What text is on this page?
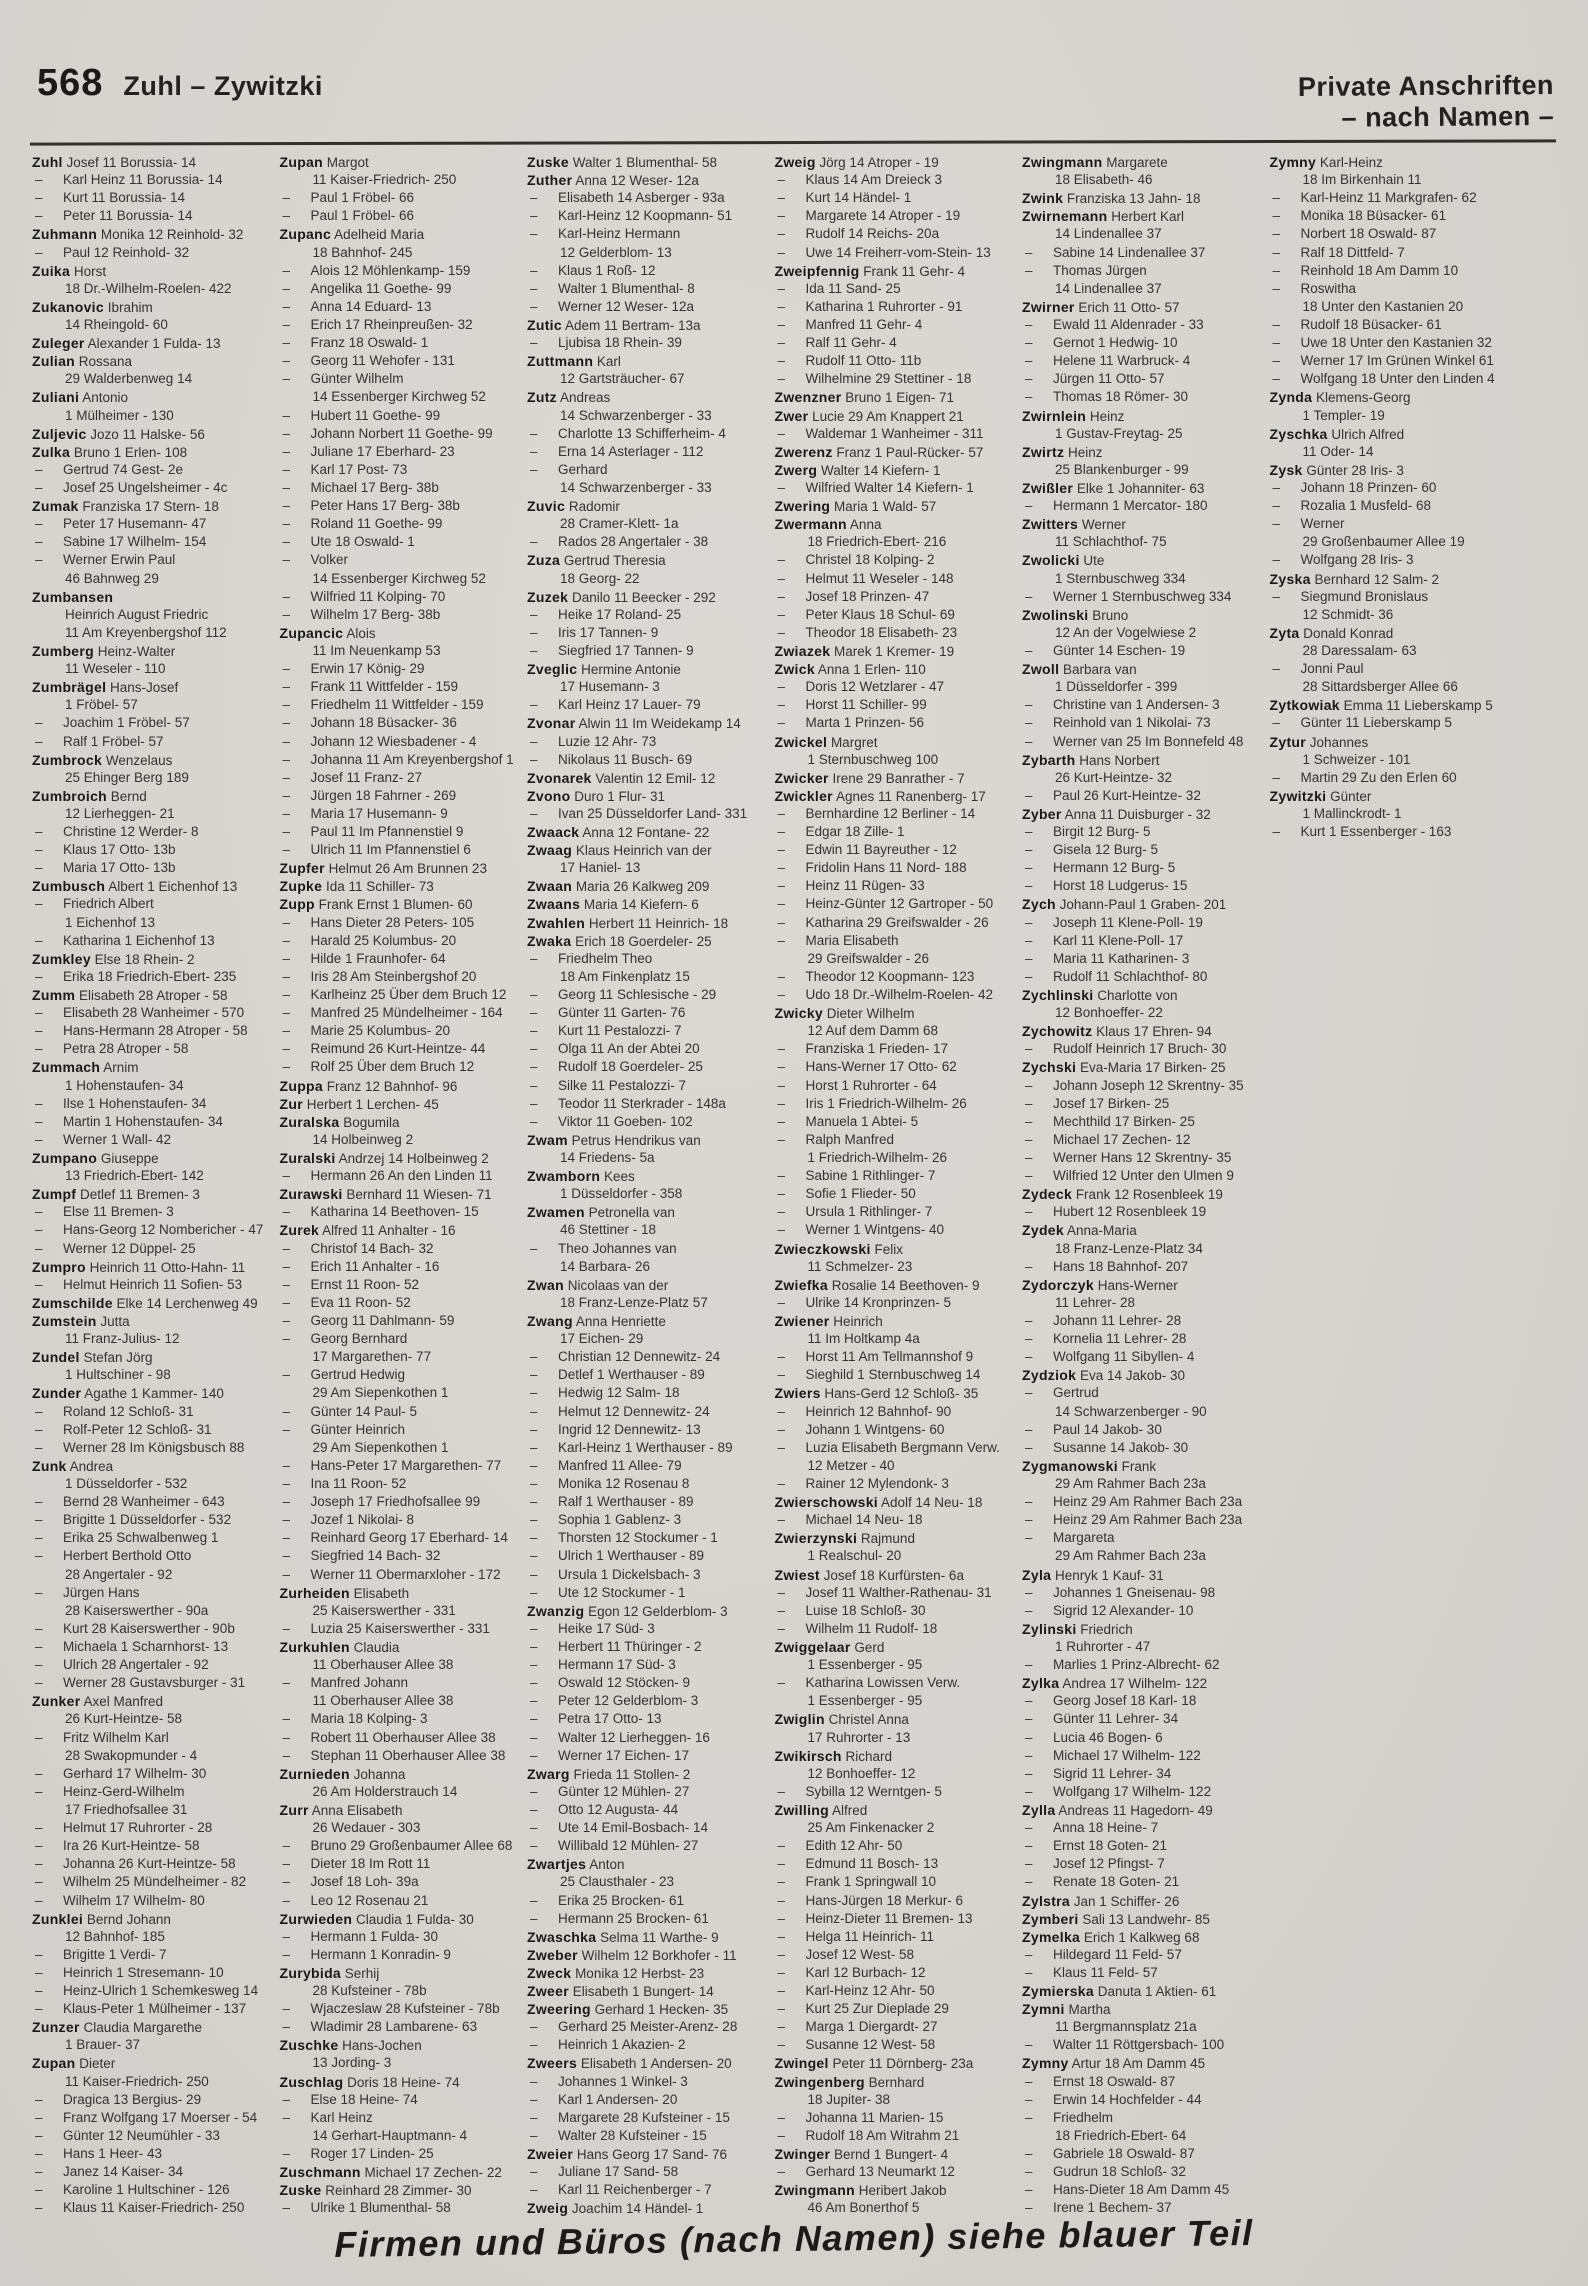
568 Zuhl – Zywitzki	Private Anschriften
– nach Namen –
Zuhl Josef 11 Borussia- 14
– Karl Heinz 11 Borussia- 14
– Kurt 11 Borussia- 14
– Peter 11 Borussia- 14
Zuhmann Monika 12 Reinhold- 32
– Paul 12 Reinhold- 32
Zuika Horst
18 Dr.-Wilhelm-Roelen- 422
Zukanovic Ibrahim
14 Rheingold- 60
Zuleger Alexander 1 Fulda- 13
Zulian Rossana
29 Walderbenweg 14
Zuliani Antonio
1 Mülheimer - 130
Zuljevic Jozo 11 Halske- 56
Zulka Bruno 1 Erlen- 108
– Gertrud 74 Gest- 2e
– Josef 25 Ungelsheimer - 4c
Zumak Franziska 17 Stern- 18
– Peter 17 Husemann- 47
– Sabine 17 Wilhelm- 154
– Werner Erwin Paul
46 Bahnweg 29
Zumbansen
Heinrich August Friedric
11 Am Kreyenbergshof 112
Zumberg Heinz-Walter
11 Weseler - 110
Zumbrägel Hans-Josef
1 Fröbel- 57
– Joachim 1 Fröbel- 57
– Ralf 1 Fröbel- 57
Zumbrock Wenzelaus
25 Ehinger Berg 189
Zumbroich Bernd
12 Lierheggen- 21
– Christine 12 Werder- 8
– Klaus 17 Otto- 13b
– Maria 17 Otto- 13b
Zumbusch Albert 1 Eichenhof 13
– Friedrich Albert
1 Eichenhof 13
– Katharina 1 Eichenhof 13
Zumkley Else 18 Rhein- 2
– Erika 18 Friedrich-Ebert- 235
Zumm Elisabeth 28 Atroper - 58
– Elisabeth 28 Wanheimer - 570
– Hans-Hermann 28 Atroper - 58
– Petra 28 Atroper - 58
Zummach Arnim
1 Hohenstaufen- 34
– Ilse 1 Hohenstaufen- 34
– Martin 1 Hohenstaufen- 34
– Werner 1 Wall- 42
Zumpano Giuseppe
13 Friedrich-Ebert- 142
Zumpf Detlef 11 Bremen- 3
– Else 11 Bremen- 3
– Hans-Georg 12 Nombericher - 47
– Werner 12 Düppel- 25
Zumpro Heinrich 11 Otto-Hahn- 11
– Helmut Heinrich 11 Sofien- 53
Zumschilde Elke 14 Lerchenweg 49
Zumstein Jutta
11 Franz-Julius- 12
Zundel Stefan Jörg
1 Hultschiner - 98
Zunder Agathe 1 Kammer- 140
– Roland 12 Schloß- 31
– Rolf-Peter 12 Schloß- 31
– Werner 28 Im Königsbusch 88
Zunk Andrea
1 Düsseldorfer - 532
– Bernd 28 Wanheimer - 643
– Brigitte 1 Düsseldorfer - 532
– Erika 25 Schwalbenweg 1
– Herbert Berthold Otto
28 Angertaler - 92
– Jürgen Hans
28 Kaiserswerther - 90a
– Kurt 28 Kaiserswerther - 90b
– Michaela 1 Scharnhorst- 13
– Ulrich 28 Angertaler - 92
– Werner 28 Gustavsburger - 31
Zunker Axel Manfred
26 Kurt-Heintze- 58
– Fritz Wilhelm Karl
28 Swakopmunder - 4
– Gerhard 17 Wilhelm- 30
– Heinz-Gerd-Wilhelm
17 Friedhofsallee 31
– Helmut 17 Ruhrorter - 28
– Ira 26 Kurt-Heintze- 58
– Johanna 26 Kurt-Heintze- 58
– Wilhelm 25 Mündelheimer - 82
– Wilhelm 17 Wilhelm- 80
Zunklei Bernd Johann
12 Bahnhof- 185
– Brigitte 1 Verdi- 7
– Heinrich 1 Stresemann- 10
– Heinz-Ulrich 1 Schemkesweg 14
– Klaus-Peter 1 Mülheimer - 137
Zunzer Claudia Margarethe
1 Brauer- 37
Zupan Dieter
11 Kaiser-Friedrich- 250
– Dragica 13 Bergius- 29
– Franz Wolfgang 17 Moerser - 54
– Günter 12 Neumühler - 33
– Hans 1 Heer- 43
– Janez 14 Kaiser- 34
– Karoline 1 Hultschiner - 126
– Klaus 11 Kaiser-Friedrich- 250
Zupan Margot
11 Kaiser-Friedrich- 250
– Paul 1 Fröbel- 66
– Paul 1 Fröbel- 66
Zupanc Adelheid Maria
18 Bahnhof- 245
– Alois 12 Möhlenkamp- 159
– Angelika 11 Goethe- 99
– Anna 14 Eduard- 13
– Erich 17 Rheinpreußen- 32
– Franz 18 Oswald- 1
– Georg 11 Wehofer - 131
– Günter Wilhelm
14 Essenberger Kirchweg 52
– Hubert 11 Goethe- 99
– Johann Norbert 11 Goethe- 99
– Juliane 17 Eberhard- 23
– Karl 17 Post- 73
– Michael 17 Berg- 38b
– Peter Hans 17 Berg- 38b
– Roland 11 Goethe- 99
– Ute 18 Oswald- 1
– Volker
14 Essenberger Kirchweg 52
– Wilfried 11 Kolping- 70
– Wilhelm 17 Berg- 38b
Zupancic Alois
11 Im Neuenkamp 53
– Erwin 17 König- 29
– Frank 11 Wittfelder - 159
– Friedhelm 11 Wittfelder - 159
– Johann 18 Büsacker- 36
– Johann 12 Wiesbadener - 4
– Johanna 11 Am Kreyenbergshof 1
– Josef 11 Franz- 27
– Jürgen 18 Fahrner - 269
– Maria 17 Husemann- 9
– Paul 11 Im Pfannenstiel 9
– Ulrich 11 Im Pfannenstiel 6
Zupfer Helmut 26 Am Brunnen 23
Zupke Ida 11 Schiller- 73
Zupp Frank Ernst 1 Blumen- 60
– Hans Dieter 28 Peters- 105
– Harald 25 Kolumbus- 20
– Hilde 1 Fraunhofer- 64
– Iris 28 Am Steinbergshof 20
– Karlheinz 25 Über dem Bruch 12
– Manfred 25 Mündelheimer - 164
– Marie 25 Kolumbus- 20
– Reimund 26 Kurt-Heintze- 44
– Rolf 25 Über dem Bruch 12
Zuppa Franz 12 Bahnhof- 96
Zur Herbert 1 Lerchen- 45
Zuralska Bogumila
14 Holbeinweg 2
Zuralski Andrzej 14 Holbeinweg 2
– Hermann 26 An den Linden 11
Zurawski Bernhard 11 Wiesen- 71
– Katharina 14 Beethoven- 15
Zurek Alfred 11 Anhalter - 16
– Christof 14 Bach- 32
– Erich 11 Anhalter - 16
– Ernst 11 Roon- 52
– Eva 11 Roon- 52
– Georg 11 Dahlmann- 59
– Georg Bernhard
17 Margarethen- 77
– Gertrud Hedwig
29 Am Siepenkothen 1
– Günter 14 Paul- 5
– Günter Heinrich
29 Am Siepenkothen 1
– Hans-Peter 17 Margarethen- 77
– Ina 11 Roon- 52
– Joseph 17 Friedhofsallee 99
– Jozef 1 Nikolai- 8
– Reinhard Georg 17 Eberhard- 14
– Siegfried 14 Bach- 32
– Werner 11 Obermarxloher - 172
Zurheiden Elisabeth
25 Kaiserswerther - 331
– Luzia 25 Kaiserswerther - 331
Zurkuhlen Claudia
11 Oberhauser Allee 38
– Manfred Johann
11 Oberhauser Allee 38
– Maria 18 Kolping- 3
– Robert 11 Oberhauser Allee 38
– Stephan 11 Oberhauser Allee 38
Zurnieden Johanna
26 Am Holderstrauch 14
Zurr Anna Elisabeth
26 Wedauer - 303
– Bruno 29 Großenbaumer Allee 68
– Dieter 18 Im Rott 11
– Josef 18 Loh- 39a
– Leo 12 Rosenau 21
Zurwieden Claudia 1 Fulda- 30
– Hermann 1 Fulda- 30
– Hermann 1 Konradin- 9
Zurybida Serhij
28 Kufsteiner - 78b
– Wjaczeslaw 28 Kufsteiner - 78b
– Wladimir 28 Lambarene- 63
Zuschke Hans-Jochen
13 Jording- 3
Zuschlag Doris 18 Heine- 74
– Else 18 Heine- 74
– Karl Heinz
14 Gerhart-Hauptmann- 4
– Roger 17 Linden- 25
Zuschmann Michael 17 Zechen- 22
Zuske Reinhard 28 Zimmer- 30
– Ulrike 1 Blumenthal- 58
Zuske Walter 1 Blumenthal- 58
Zuther Anna 12 Weser- 12a
– Elisabeth 14 Asberger - 93a
– Karl-Heinz 12 Koopmann- 51
– Karl-Heinz Hermann
12 Gelderblom- 13
– Klaus 1 Roß- 12
– Walter 1 Blumenthal- 8
– Werner 12 Weser- 12a
Zutic Adem 11 Bertram- 13a
– Ljubisa 18 Rhein- 39
Zuttmann Karl
12 Gartsträucher- 67
Zutz Andreas
14 Schwarzenberger - 33
– Charlotte 13 Schifferheim- 4
– Erna 14 Asterlager - 112
– Gerhard
14 Schwarzenberger - 33
Zuvic Radomir
28 Cramer-Klett- 1a
– Rados 28 Angertaler - 38
Zuza Gertrud Theresia
18 Georg- 22
Zuzek Danilo 11 Beecker - 292
– Heike 17 Roland- 25
– Iris 17 Tannen- 9
– Siegfried 17 Tannen- 9
Zveglic Hermine Antonie
17 Husemann- 3
– Karl Heinz 17 Lauer- 79
Zvonar Alwin 11 Im Weidekamp 14
– Luzie 12 Ahr- 73
– Nikolaus 11 Busch- 69
Zvonarek Valentin 12 Emil- 12
Zvono Duro 1 Flur- 31
– Ivan 25 Düsseldorfer Land- 331
Zwaack Anna 12 Fontane- 22
Zwaag Klaus Heinrich van der
17 Haniel- 13
Zwaan Maria 26 Kalkweg 209
Zwaans Maria 14 Kiefern- 6
Zwahlen Herbert 11 Heinrich- 18
Zwaka Erich 18 Goerdeler- 25
– Friedhelm Theo
18 Am Finkenplatz 15
– Georg 11 Schlesische - 29
– Günter 11 Garten- 76
– Kurt 11 Pestalozzi- 7
– Olga 11 An der Abtei 20
– Rudolf 18 Goerdeler- 25
– Silke 11 Pestalozzi- 7
– Teodor 11 Sterkrader - 148a
– Viktor 11 Goeben- 102
Zwam Petrus Hendrikus van
14 Friedens- 5a
Zwamborn Kees
1 Düsseldorfer - 358
Zwamen Petronella van
46 Stettiner - 18
– Theo Johannes van
14 Barbara- 26
Zwan Nicolaas van der
18 Franz-Lenze-Platz 57
Zwang Anna Henriette
17 Eichen- 29
– Christian 12 Dennewitz- 24
– Detlef 1 Werthauser - 89
– Hedwig 12 Salm- 18
– Helmut 12 Dennewitz- 24
– Ingrid 12 Dennewitz- 13
– Karl-Heinz 1 Werthauser - 89
– Manfred 11 Allee- 79
– Monika 12 Rosenau 8
– Ralf 1 Werthauser - 89
– Sophia 1 Gablenz- 3
– Thorsten 12 Stockumer - 1
– Ulrich 1 Werthauser - 89
– Ursula 1 Dickelsbach- 3
– Ute 12 Stockumer - 1
Zwanzig Egon 12 Gelderblom- 3
– Heike 17 Süd- 3
– Herbert 11 Thüringer - 2
– Hermann 17 Süd- 3
– Oswald 12 Stöcken- 9
– Peter 12 Gelderblom- 3
– Petra 17 Otto- 13
– Walter 12 Lierheggen- 16
– Werner 17 Eichen- 17
Zwarg Frieda 11 Stollen- 2
– Günter 12 Mühlen- 27
– Otto 12 Augusta- 44
– Ute 14 Emil-Bosbach- 14
– Willibald 12 Mühlen- 27
Zwartjes Anton
25 Clausthaler - 23
– Erika 25 Brocken- 61
– Hermann 25 Brocken- 61
Zwaschka Selma 11 Warthe- 9
Zweber Wilhelm 12 Borkhofer - 11
Zweck Monika 12 Herbst- 23
Zweer Elisabeth 1 Bungert- 14
Zweering Gerhard 1 Hecken- 35
– Gerhard 25 Meister-Arenz- 28
– Heinrich 1 Akazien- 2
Zweers Elisabeth 1 Andersen- 20
– Johannes 1 Winkel- 3
– Karl 1 Andersen- 20
– Margarete 28 Kufsteiner - 15
– Walter 28 Kufsteiner - 15
Zweier Hans Georg 17 Sand- 76
– Juliane 17 Sand- 58
– Karl 11 Reichenberger - 7
Zweig Joachim 14 Händel- 1
Zweig Jörg 14 Atroper - 19
– Klaus 14 Am Dreieck 3
– Kurt 14 Händel- 1
– Margarete 14 Atroper - 19
– Rudolf 14 Reichs- 20a
– Uwe 14 Freiherr-vom-Stein- 13
Zweipfennig Frank 11 Gehr- 4
– Ida 11 Sand- 25
– Katharina 1 Ruhrorter - 91
– Manfred 11 Gehr- 4
– Ralf 11 Gehr- 4
– Rudolf 11 Otto- 11b
– Wilhelmine 29 Stettiner - 18
Zwenzner Bruno 1 Eigen- 71
Zwer Lucie 29 Am Knappert 21
– Waldemar 1 Wanheimer - 311
Zwerenz Franz 1 Paul-Rücker- 57
Zwerg Walter 14 Kiefern- 1
– Wilfried Walter 14 Kiefern- 1
Zwering Maria 1 Wald- 57
Zwermann Anna
18 Friedrich-Ebert- 216
– Christel 18 Kolping- 2
– Helmut 11 Weseler - 148
– Josef 18 Prinzen- 47
– Peter Klaus 18 Schul- 69
– Theodor 18 Elisabeth- 23
Zwiazek Marek 1 Kremer- 19
Zwick Anna 1 Erlen- 110
– Doris 12 Wetzlarer - 47
– Horst 11 Schiller- 99
– Marta 1 Prinzen- 56
Zwickel Margret
1 Sternbuschweg 100
Zwicker Irene 29 Banrather - 7
Zwickler Agnes 11 Ranenberg- 17
– Bernhardine 12 Berliner - 14
– Edgar 18 Zille- 1
– Edwin 11 Bayreuther - 12
– Fridolin Hans 11 Nord- 188
– Heinz 11 Rügen- 33
– Heinz-Günter 12 Gartroper - 50
– Katharina 29 Greifswalder - 26
– Maria Elisabeth
29 Greifswalder - 26
– Theodor 12 Koopmann- 123
– Udo 18 Dr.-Wilhelm-Roelen- 42
Zwicky Dieter Wilhelm
12 Auf dem Damm 68
– Franziska 1 Frieden- 17
– Hans-Werner 17 Otto- 62
– Horst 1 Ruhrorter - 64
– Iris 1 Friedrich-Wilhelm- 26
– Manuela 1 Abtei- 5
– Ralph Manfred
1 Friedrich-Wilhelm- 26
– Sabine 1 Rithlinger- 7
– Sofie 1 Flieder- 50
– Ursula 1 Rithlinger- 7
– Werner 1 Wintgens- 40
Zwieczkowski Felix
11 Schmelzer- 23
Zwiefka Rosalie 14 Beethoven- 9
– Ulrike 14 Kronprinzen- 5
Zwiener Heinrich
11 Im Holtkamp 4a
– Horst 11 Am Tellmannshof 9
– Sieghild 1 Sternbuschweg 14
Zwiers Hans-Gerd 12 Schloß- 35
– Heinrich 12 Bahnhof- 90
– Johann 1 Wintgens- 60
– Luzia Elisabeth Bergmann Verw.
12 Metzer - 40
– Rainer 12 Mylendonk- 3
Zwierschowski Adolf 14 Neu- 18
– Michael 14 Neu- 18
Zwierzynski Rajmund
1 Realschul- 20
Zwiest Josef 18 Kurfürsten- 6a
– Josef 11 Walther-Rathenau- 31
– Luise 18 Schloß- 30
– Wilhelm 11 Rudolf- 18
Zwiggelaar Gerd
1 Essenberger - 95
– Katharina Lowissen Verw.
1 Essenberger - 95
Zwiglin Christel Anna
17 Ruhrorter - 13
Zwikirsch Richard
12 Bonhoeffer- 12
– Sybilla 12 Werntgen- 5
Zwilling Alfred
25 Am Finkenacker 2
– Edith 12 Ahr- 50
– Edmund 11 Bosch- 13
– Frank 1 Springwall 10
– Hans-Jürgen 18 Merkur- 6
– Heinz-Dieter 11 Bremen- 13
– Helga 11 Heinrich- 11
– Josef 12 West- 58
– Karl 12 Burbach- 12
– Karl-Heinz 12 Ahr- 50
– Kurt 25 Zur Dieplade 29
– Marga 1 Diergardt- 27
– Susanne 12 West- 58
Zwingel Peter 11 Dörnberg- 23a
Zwingenberg Bernhard
18 Jupiter- 38
– Johanna 11 Marien- 15
– Rudolf 18 Am Witrahm 21
Zwinger Bernd 1 Bungert- 4
– Gerhard 13 Neumarkt 12
Zwingmann Heribert Jakob
46 Am Bonerthof 5
Zwingmann Margarete
18 Elisabeth- 46
Zwink Franziska 13 Jahn- 18
Zwirnemann Herbert Karl
14 Lindenallee 37
– Sabine 14 Lindenallee 37
– Thomas Jürgen
14 Lindenallee 37
Zwirner Erich 11 Otto- 57
– Ewald 11 Aldenrader - 33
– Gernot 1 Hedwig- 10
– Helene 11 Warbruck- 4
– Jürgen 11 Otto- 57
– Thomas 18 Römer- 30
Zwirnlein Heinz
1 Gustav-Freytag- 25
Zwirtz Heinz
25 Blankenburger - 99
Zwißler Elke 1 Johanniter- 63
– Hermann 1 Mercator- 180
Zwitters Werner
11 Schlachthof- 75
Zwolicki Ute
1 Sternbuschweg 334
– Werner 1 Sternbuschweg 334
Zwolinski Bruno
12 An der Vogelwiese 2
– Günter 14 Eschen- 19
Zwoll Barbara van
1 Düsseldorfer - 399
– Christine van 1 Andersen- 3
– Reinhold van 1 Nikolai- 73
– Werner van 25 Im Bonnefeld 48
Zybarth Hans Norbert
26 Kurt-Heintze- 32
– Paul 26 Kurt-Heintze- 32
Zyber Anna 11 Duisburger - 32
– Birgit 12 Burg- 5
– Gisela 12 Burg- 5
– Hermann 12 Burg- 5
– Horst 18 Ludgerus- 15
Zych Johann-Paul 1 Graben- 201
– Joseph 11 Klene-Poll- 19
– Karl 11 Klene-Poll- 17
– Maria 11 Katharinen- 3
– Rudolf 11 Schlachthof- 80
Zychlinski Charlotte von
12 Bonhoeffer- 22
Zychowitz Klaus 17 Ehren- 94
– Rudolf Heinrich 17 Bruch- 30
Zychski Eva-Maria 17 Birken- 25
– Johann Joseph 12 Skrentny- 35
– Josef 17 Birken- 25
– Mechthild 17 Birken- 25
– Michael 17 Zechen- 12
– Werner Hans 12 Skrentny- 35
– Wilfried 12 Unter den Ulmen 9
Zydeck Frank 12 Rosenbleek 19
– Hubert 12 Rosenbleek 19
Zydek Anna-Maria
18 Franz-Lenze-Platz 34
– Hans 18 Bahnhof- 207
Zydorczyk Hans-Werner
11 Lehrer- 28
– Johann 11 Lehrer- 28
– Kornelia 11 Lehrer- 28
– Wolfgang 11 Sibyllen- 4
Zydziok Eva 14 Jakob- 30
– Gertrud
14 Schwarzenberger - 90
– Paul 14 Jakob- 30
– Susanne 14 Jakob- 30
Zygmanowski Frank
29 Am Rahmer Bach 23a
– Heinz 29 Am Rahmer Bach 23a
– Heinz 29 Am Rahmer Bach 23a
– Margareta
29 Am Rahmer Bach 23a
Zyla Henryk 1 Kauf- 31
– Johannes 1 Gneisenau- 98
– Sigrid 12 Alexander- 10
Zylinski Friedrich
1 Ruhrorter - 47
– Marlies 1 Prinz-Albrecht- 62
Zylka Andrea 17 Wilhelm- 122
– Georg Josef 18 Karl- 18
– Günter 11 Lehrer- 34
– Lucia 46 Bogen- 6
– Michael 17 Wilhelm- 122
– Sigrid 11 Lehrer- 34
– Wolfgang 17 Wilhelm- 122
Zylla Andreas 11 Hagedorn- 49
– Anna 18 Heine- 7
– Ernst 18 Goten- 21
– Josef 12 Pfingst- 7
– Renate 18 Goten- 21
Zylstra Jan 1 Schiffer- 26
Zymberi Sali 13 Landwehr- 85
Zymelka Erich 1 Kalkweg 68
– Hildegard 11 Feld- 57
– Klaus 11 Feld- 57
Zymierska Danuta 1 Aktien- 61
Zymni Martha
11 Bergmannsplatz 21a
– Walter 11 Röttgersbach- 100
Zymny Artur 18 Am Damm 45
– Ernst 18 Oswald- 87
– Erwin 14 Hochfelder - 44
– Friedhelm
18 Friedrich-Ebert- 64
– Gabriele 18 Oswald- 87
– Gudrun 18 Schloß- 32
– Hans-Dieter 18 Am Damm 45
– Irene 1 Bechem- 37
Zymny Karl-Heinz
18 Im Birkenhain 11
– Karl-Heinz 11 Markgrafen- 62
– Monika 18 Büsacker- 61
– Norbert 18 Oswald- 87
– Ralf 18 Dittfeld- 7
– Reinhold 18 Am Damm 10
– Roswitha
18 Unter den Kastanien 20
– Rudolf 18 Büsacker- 61
– Uwe 18 Unter den Kastanien 32
– Werner 17 Im Grünen Winkel 61
– Wolfgang 18 Unter den Linden 4
Zynda Klemens-Georg
1 Templer- 19
Zyschka Ulrich Alfred
11 Oder- 14
Zysk Günter 28 Iris- 3
– Johann 18 Prinzen- 60
– Rozalia 1 Musfeld- 68
– Werner
29 Großenbaumer Allee 19
– Wolfgang 28 Iris- 3
Zyska Bernhard 12 Salm- 2
– Siegmund Bronislaus
12 Schmidt- 36
Zyta Donald Konrad
28 Daressalam- 63
– Jonni Paul
28 Sittardsberger Allee 66
Zytkowiak Emma 11 Lieberskamp 5
– Günter 11 Lieberskamp 5
Zytur Johannes
1 Schweizer - 101
– Martin 29 Zu den Erlen 60
Zywitzki Günter
1 Mallinckrodt- 1
– Kurt 1 Essenberger - 163
Firmen und Büros (nach Namen) siehe blauer Teil
